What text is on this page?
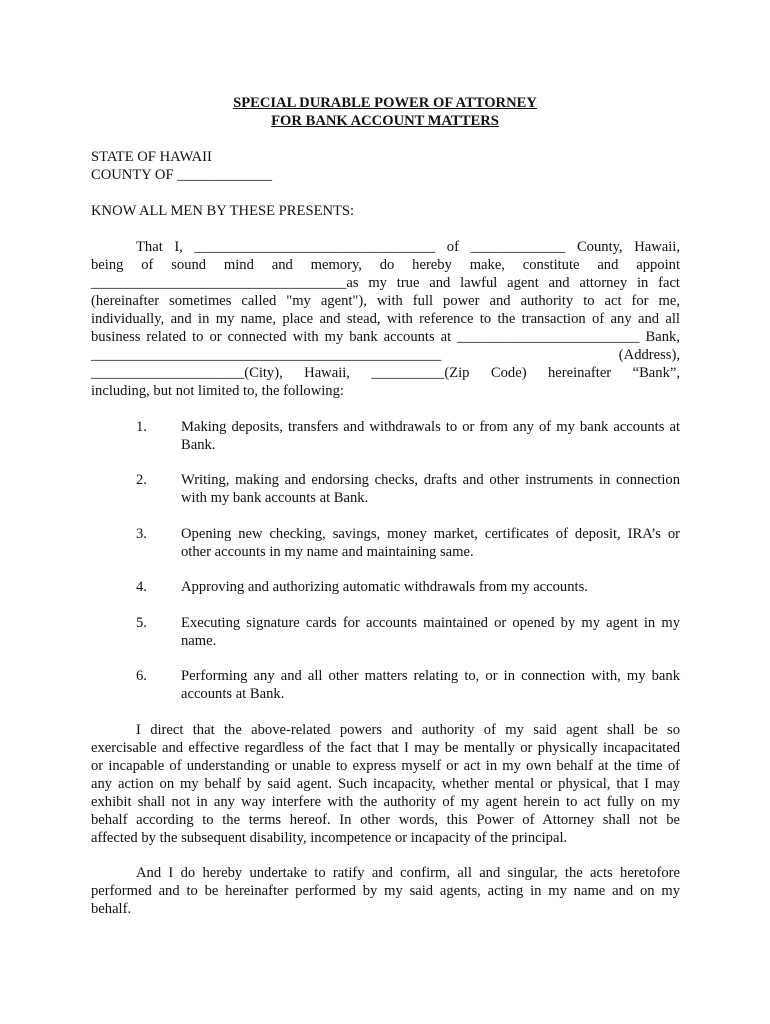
SPECIAL DURABLE POWER OF ATTORNEY
FOR BANK ACCOUNT MATTERS
STATE OF HAWAII
COUNTY OF _____________
KNOW ALL MEN BY THESE PRESENTS:
That I, _________________________________ of _____________ County, Hawaii,
being of sound mind and memory, do hereby make, constitute and appoint
___________________________________as my true and lawful agent and attorney in fact
(hereinafter sometimes called "my agent"), with full power and authority to act for me,
individually, and in my name, place and stead, with reference to the transaction of any and all
business related to or connected with my bank accounts at _________________________ Bank,
________________________________________________	(Address),
_____________________(City), Hawaii, __________(Zip Code) hereinafter “Bank”,
including, but not limited to, the following:
1. Making deposits, transfers and withdrawals to or from any of my bank accounts at
Bank.
2. Writing, making and endorsing checks, drafts and other instruments in connection
with my bank accounts at Bank.
3. Opening new checking, savings, money market, certificates of deposit, IRA’s or
other accounts in my name and maintaining same.
4. Approving and authorizing automatic withdrawals from my accounts.
5. Executing signature cards for accounts maintained or opened by my agent in my
name.
6. Performing any and all other matters relating to, or in connection with, my bank
accounts at Bank.
I direct that the above-related powers and authority of my said agent shall be so
exercisable and effective regardless of the fact that I may be mentally or physically incapacitated
or incapable of understanding or unable to express myself or act in my own behalf at the time of
any action on my behalf by said agent. Such incapacity, whether mental or physical, that I may
exhibit shall not in any way interfere with the authority of my agent herein to act fully on my
behalf according to the terms hereof. In other words, this Power of Attorney shall not be
affected by the subsequent disability, incompetence or incapacity of the principal.
And I do hereby undertake to ratify and confirm, all and singular, the acts heretofore
performed and to be hereinafter performed by my said agents, acting in my name and on my
behalf.
